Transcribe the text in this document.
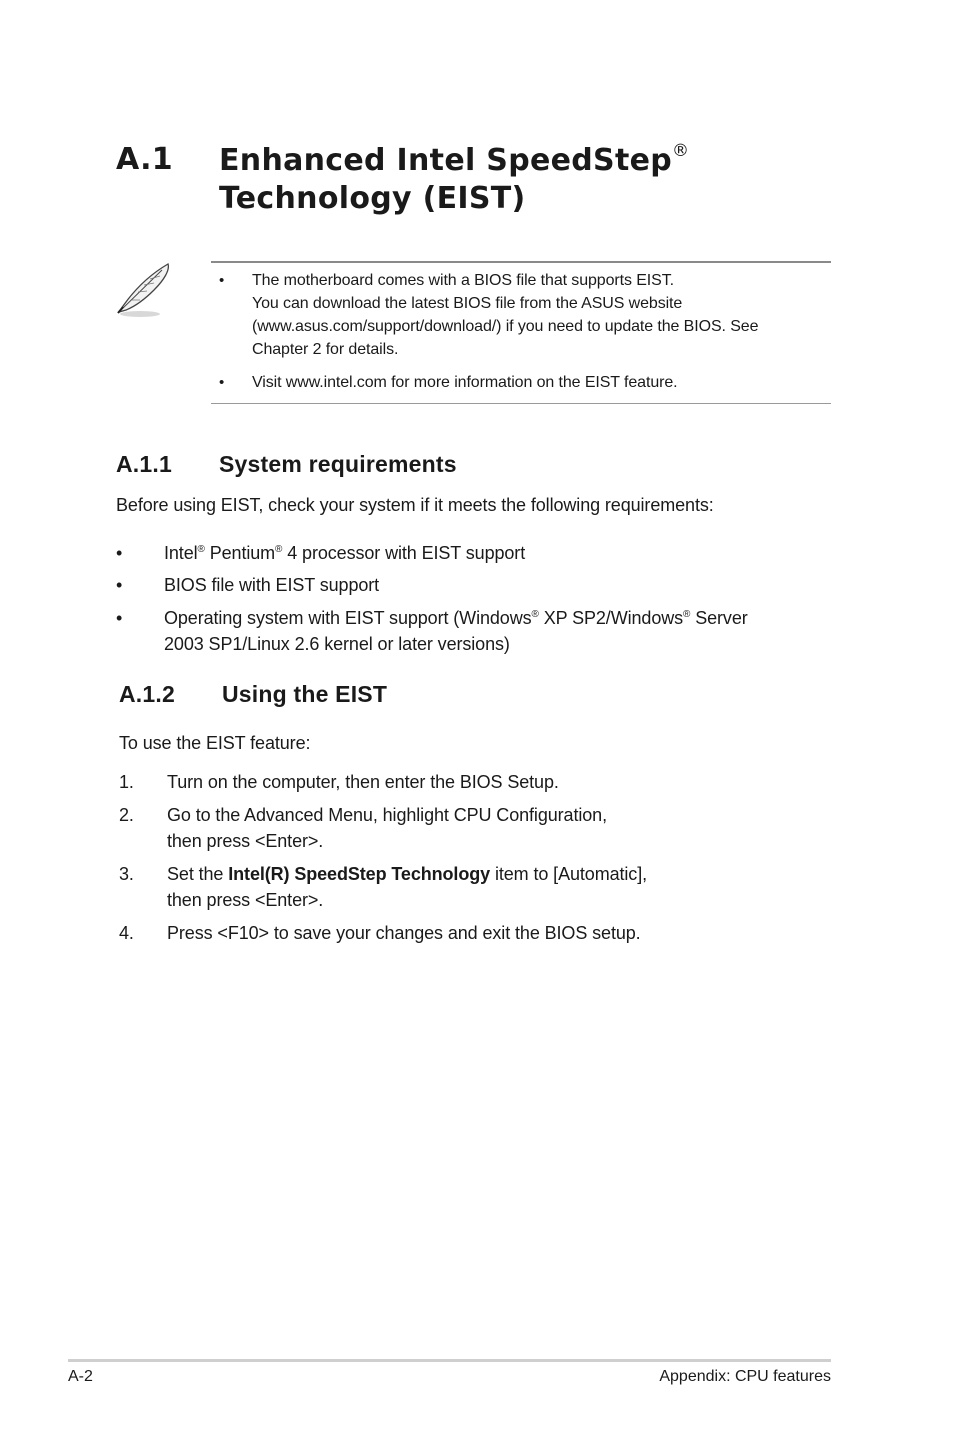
A.1 Enhanced Intel SpeedStep®
Technology (EIST)
• The motherboard comes with a BIOS file that supports EIST.
You can download the latest BIOS file from the ASUS website
(www.asus.com/support/download/) if you need to update the BIOS. See
Chapter 2 for details.
• Visit www.intel.com for more information on the EIST feature.
A.1.1 System requirements
Before using EIST, check your system if it meets the following requirements:
• Intel® Pentium® 4 processor with EIST support
• BIOS file with EIST support
• Operating system with EIST support (Windows® XP SP2/Windows® Server
2003 SP1/Linux 2.6 kernel or later versions)
A.1.2 Using the EIST
To use the EIST feature:
1. Turn on the computer, then enter the BIOS Setup.
2. Go to the Advanced Menu, highlight CPU Configuration,
then press <Enter>.
3. Set the Intel(R) SpeedStep Technology item to [Automatic],
then press <Enter>.
4. Press <F10> to save your changes and exit the BIOS setup.
A-2	Appendix: CPU features
